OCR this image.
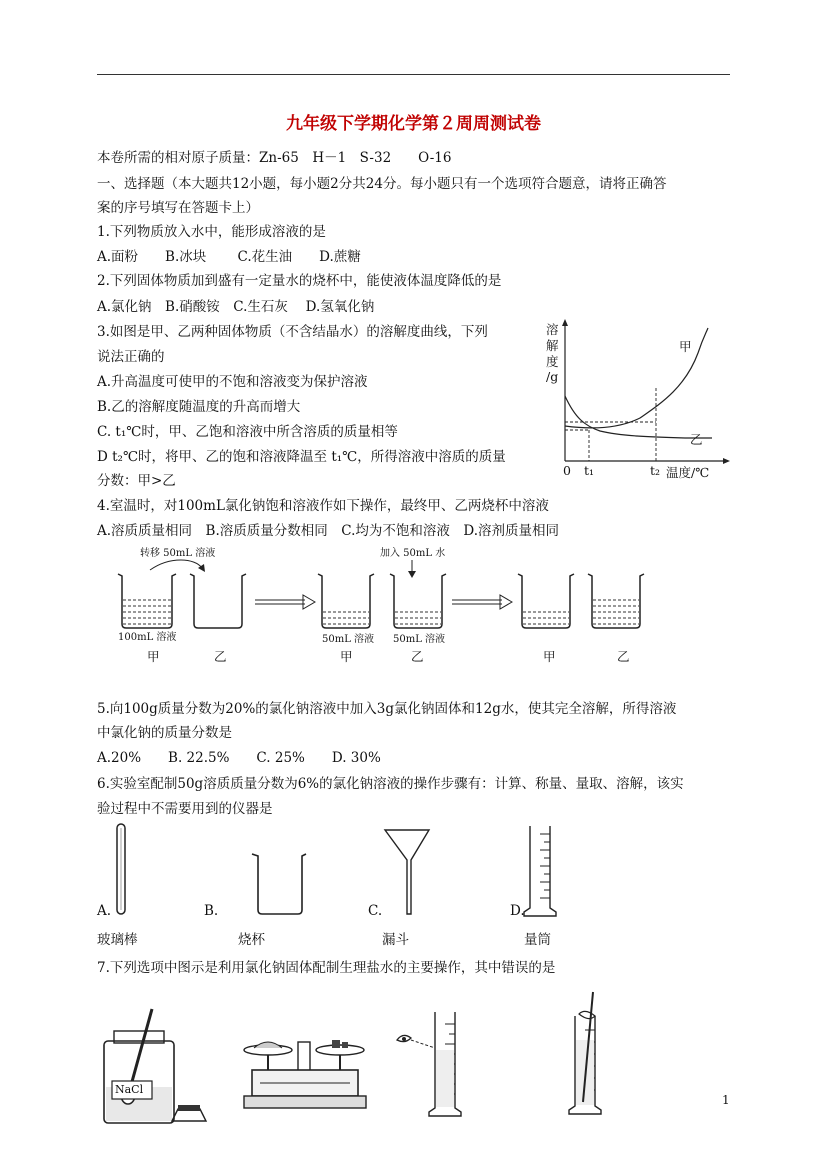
九年级下学期化学第２周周测试卷
本卷所需的相对原子质量：Zn-65　H－1　S-32　　O-16
一、选择题（本大题共12小题，每小题2分共24分。每小题只有一个选项符合题意，请将正确答
案的序号填写在答题卡上）
1.下列物质放入水中，能形成溶液的是
A.面粉　　B.冰块　　 C.花生油　　D.蔗糖
2.下列固体物质加到盛有一定量水的烧杯中，能使液体温度降低的是
A.氯化钠　B.硝酸铵　C.生石灰　 D.氢氧化钠
3.如图是甲、乙两种固体物质（不含结晶水）的溶解度曲线，下列
说法正确的
A.升高温度可使甲的不饱和溶液变为保护溶液
B.乙的溶解度随温度的升高而增大
C. t₁℃时，甲、乙饱和溶液中所含溶质的质量相等
D t₂℃时，将甲、乙的饱和溶液降温至 t₁℃，所得溶液中溶质的质量
分数：甲>乙
溶
解
度
/g
甲
乙
0 t₁	t₂ 温度/℃
4.室温时，对100mL氯化钠饱和溶液作如下操作，最终甲、乙两烧杯中溶液
A.溶质质量相同　B.溶质质量分数相同　C.均为不饱和溶液　D.溶剂质量相同
转移 50mL 溶液	加入 50mL 水
100mL 溶液	50mL 溶液 50mL 溶液
甲	乙	甲	乙	甲	乙
5.向100g质量分数为20%的氯化钠溶液中加入3g氯化钠固体和12g水，使其完全溶解，所得溶液
中氯化钠的质量分数是
A.20%　　B. 22.5%　　C. 25%　　D. 30%
6.实验室配制50g溶质质量分数为6%的氯化钠溶液的操作步骤有：计算、称量、量取、溶解，该实
验过程中不需要用到的仪器是
A.	B.	C.	D.
玻璃棒	烧杯	漏斗	量筒
7.下列选项中图示是利用氯化钠固体配制生理盐水的主要操作，其中错误的是
NaCl
1
